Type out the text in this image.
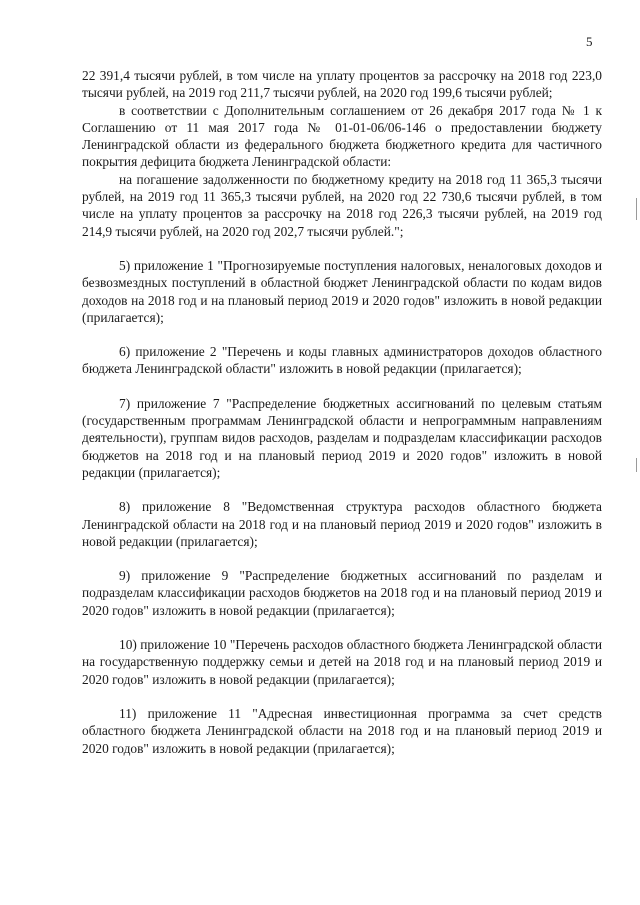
5

22 391,4 тысячи рублей, в том числе на уплату процентов за рассрочку на 2018 год 223,0 тысячи рублей, на 2019 год 211,7 тысячи рублей, на 2020 год 199,6 тысячи рублей;

в соответствии с Дополнительным соглашением от 26 декабря 2017 года № 1 к Соглашению от 11 мая 2017 года № 01-01-06/06-146 о предоставлении бюджету Ленинградской области из федерального бюджета бюджетного кредита для частичного покрытия дефицита бюджета Ленинградской области:

на погашение задолженности по бюджетному кредиту на 2018 год 11 365,3 тысячи рублей, на 2019 год 11 365,3 тысячи рублей, на 2020 год 22 730,6 тысячи рублей, в том числе на уплату процентов за рассрочку на 2018 год 226,3 тысячи рублей, на 2019 год 214,9 тысячи рублей, на 2020 год 202,7 тысячи рублей.";

5) приложение 1 "Прогнозируемые поступления налоговых, неналоговых доходов и безвозмездных поступлений в областной бюджет Ленинградской области по кодам видов доходов на 2018 год и на плановый период 2019 и 2020 годов" изложить в новой редакции (прилагается);

6) приложение 2 "Перечень и коды главных администраторов доходов областного бюджета Ленинградской области" изложить в новой редакции (прилагается);

7) приложение 7 "Распределение бюджетных ассигнований по целевым статьям (государственным программам Ленинградской области и непрограммным направлениям деятельности), группам видов расходов, разделам и подразделам классификации расходов бюджетов на 2018 год и на плановый период 2019 и 2020 годов" изложить в новой редакции (прилагается);

8) приложение 8 "Ведомственная структура расходов областного бюджета Ленинградской области на 2018 год и на плановый период 2019 и 2020 годов" изложить в новой редакции (прилагается);

9) приложение 9 "Распределение бюджетных ассигнований по разделам и подразделам классификации расходов бюджетов на 2018 год и на плановый период 2019 и 2020 годов" изложить в новой редакции (прилагается);

10) приложение 10 "Перечень расходов областного бюджета Ленинградской области на государственную поддержку семьи и детей на 2018 год и на плановый период 2019 и 2020 годов" изложить в новой редакции (прилагается);

11) приложение 11 "Адресная инвестиционная программа за счет средств областного бюджета Ленинградской области на 2018 год и на плановый период 2019 и 2020 годов" изложить в новой редакции (прилагается);
